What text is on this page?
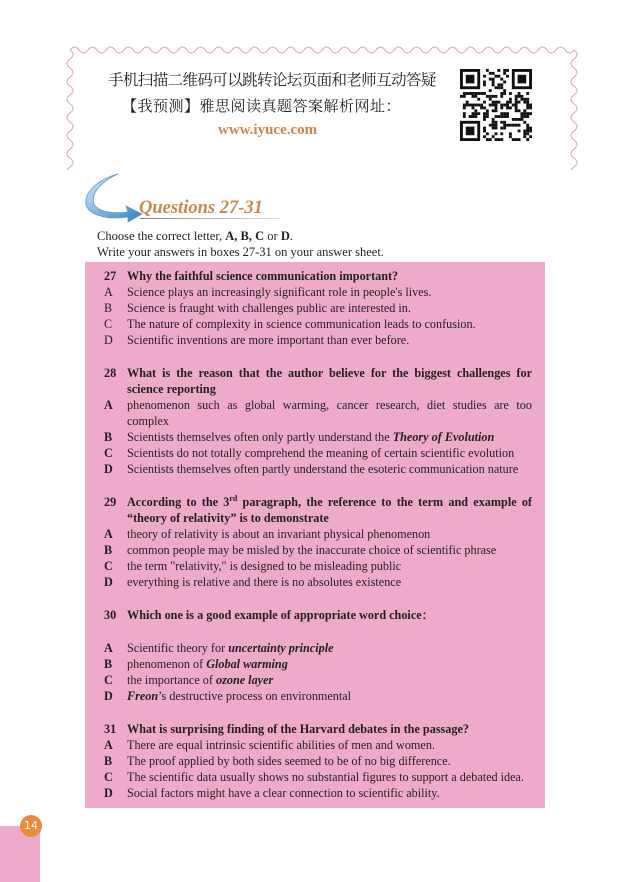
手机扫描二维码可以跳转论坛页面和老师互动答疑
【我预测】雅思阅读真题答案解析网址：
www.iyuce.com
Questions 27-31
Choose the correct letter, A, B, C or D.
Write your answers in boxes 27-31 on your answer sheet.
27 Why the faithful science communication important?
A	Science plays an increasingly significant role in people's lives.
B	Science is fraught with challenges public are interested in.
C	The nature of complexity in science communication leads to confusion.
D	Scientific inventions are more important than ever before.
28 What is the reason that the author believe for the biggest challenges for science reporting
A	phenomenon such as global warming, cancer research, diet studies are too complex
B	Scientists themselves often only partly understand the Theory of Evolution
C	Scientists do not totally comprehend the meaning of certain scientific evolution
D	Scientists themselves often partly understand the esoteric communication nature
29 According to the 3rd paragraph, the reference to the term and example of “theory of relativity” is to demonstrate
A	theory of relativity is about an invariant physical phenomenon
B	common people may be misled by the inaccurate choice of scientific phrase
C	the term "relativity," is designed to be misleading public
D	everything is relative and there is no absolutes existence
30 Which one is a good example of appropriate word choice：
A	Scientific theory for uncertainty principle
B	phenomenon of Global warming
C	the importance of ozone layer
D	Freon’s destructive process on environmental
31 What is surprising finding of the Harvard debates in the passage?
A	There are equal intrinsic scientific abilities of men and women.
B	The proof applied by both sides seemed to be of no big difference.
C	The scientific data usually shows no substantial figures to support a debated idea.
D	Social factors might have a clear connection to scientific ability.
14
